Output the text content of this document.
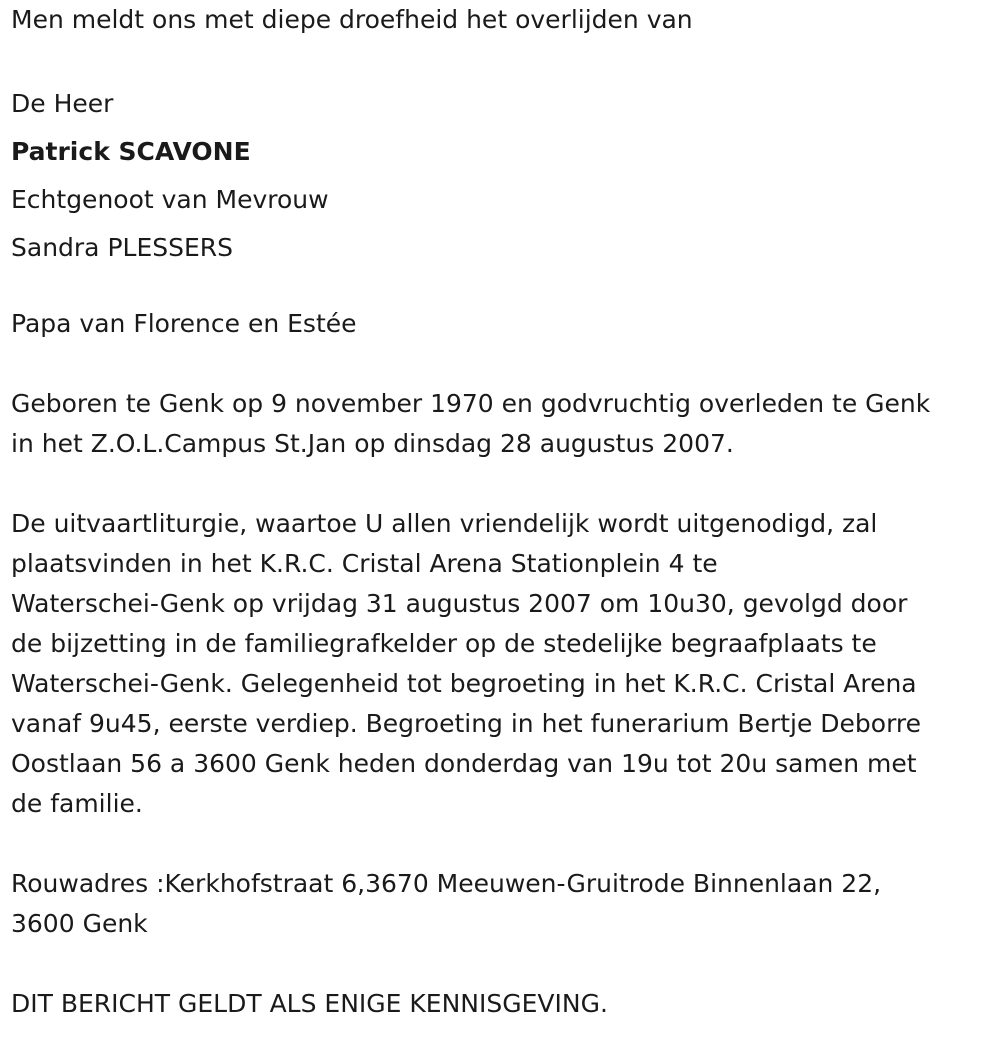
Men meldt ons met diepe droefheid het overlijden van
De Heer
Patrick SCAVONE
Echtgenoot van Mevrouw
Sandra PLESSERS
Papa van Florence en Estée
Geboren te Genk op 9 november 1970 en godvruchtig overleden te Genk
in het Z.O.L.Campus St.Jan op dinsdag 28 augustus 2007.
De uitvaartliturgie, waartoe U allen vriendelijk wordt uitgenodigd, zal
plaatsvinden in het K.R.C. Cristal Arena Stationplein 4 te
Waterschei-Genk op vrijdag 31 augustus 2007 om 10u30, gevolgd door
de bijzetting in de familiegrafkelder op de stedelijke begraafplaats te
Waterschei-Genk. Gelegenheid tot begroeting in het K.R.C. Cristal Arena
vanaf 9u45, eerste verdiep. Begroeting in het funerarium Bertje Deborre
Oostlaan 56 a 3600 Genk heden donderdag van 19u tot 20u samen met
de familie.
Rouwadres :Kerkhofstraat 6,3670 Meeuwen-Gruitrode Binnenlaan 22,
3600 Genk
DIT BERICHT GELDT ALS ENIGE KENNISGEVING.
